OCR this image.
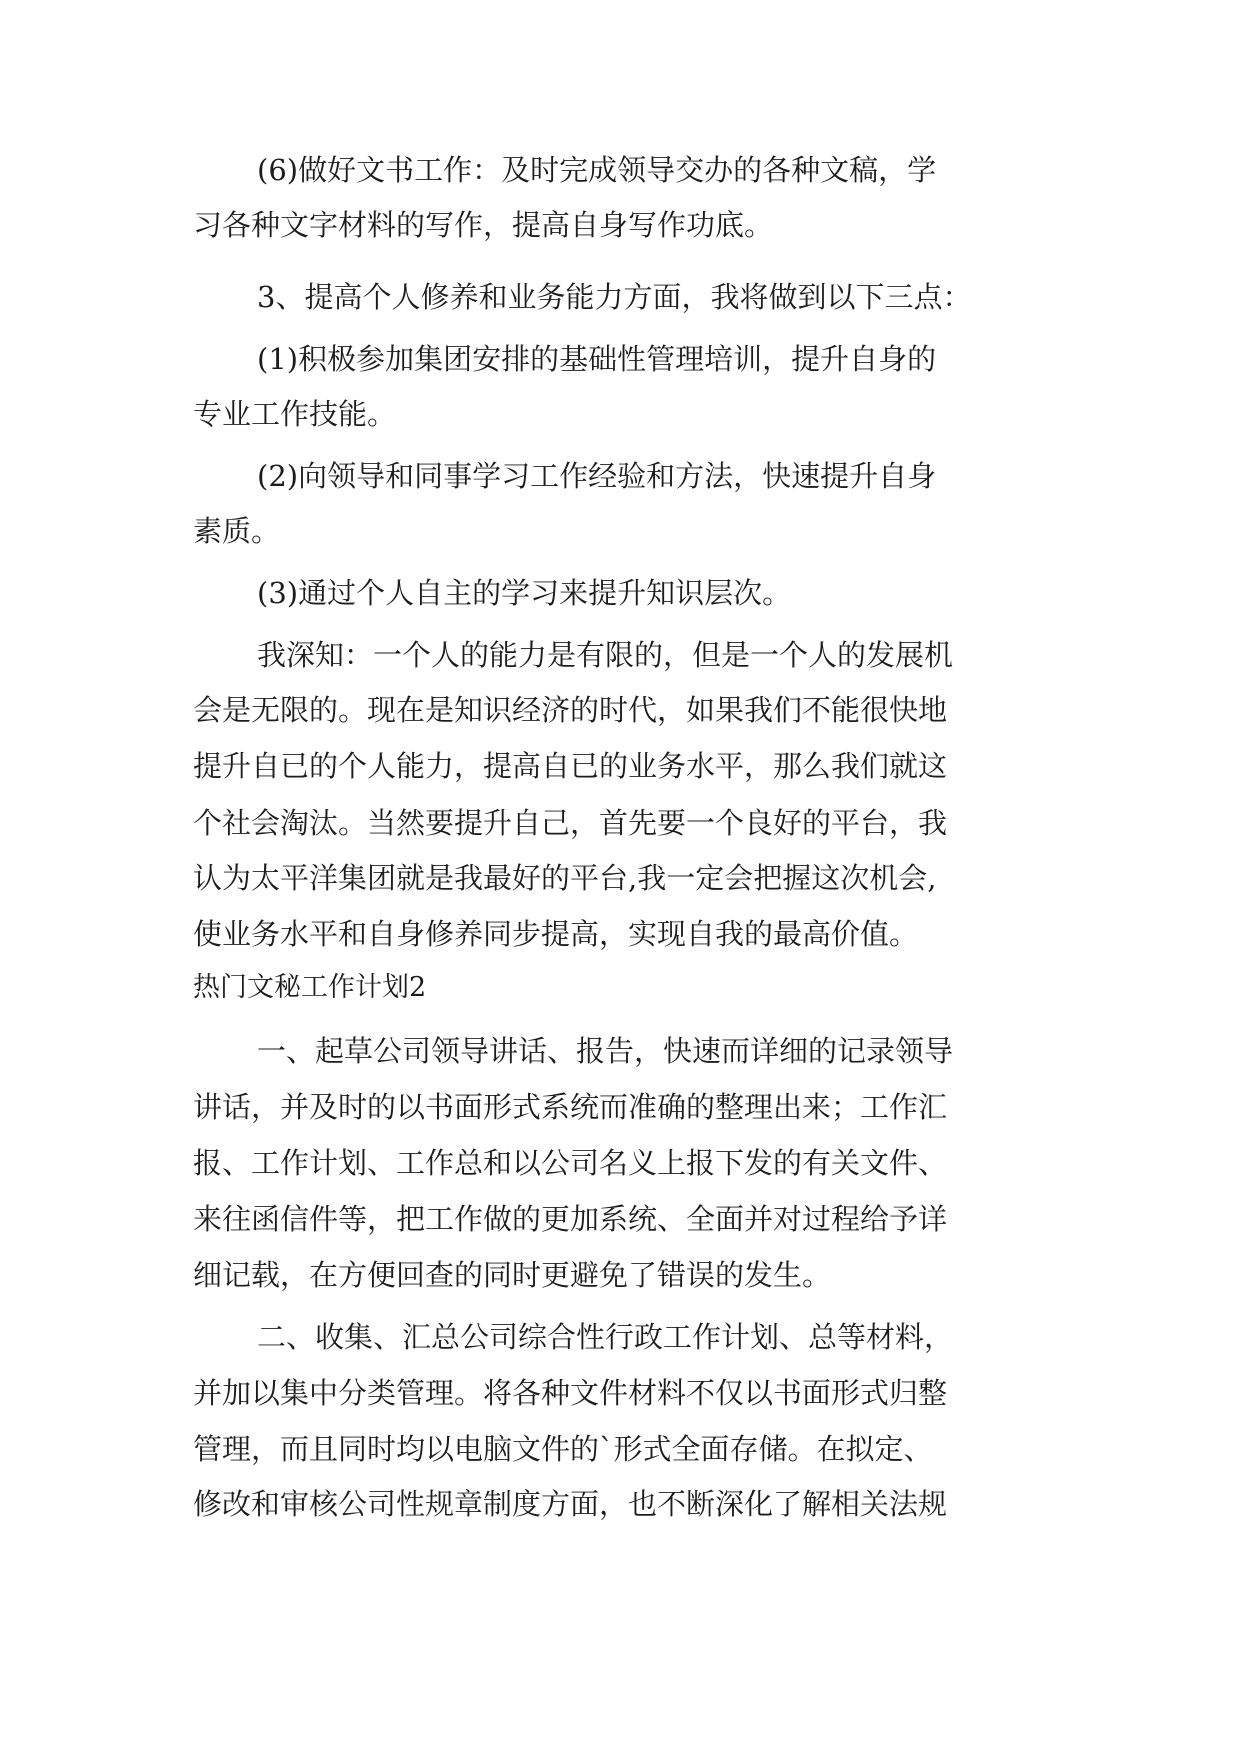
(6)做好文书工作：及时完成领导交办的各种文稿，学
习各种文字材料的写作，提高自身写作功底。
3、提高个人修养和业务能力方面，我将做到以下三点：
(1)积极参加集团安排的基础性管理培训，提升自身的
专业工作技能。
(2)向领导和同事学习工作经验和方法，快速提升自身
素质。
(3)通过个人自主的学习来提升知识层次。
我深知：一个人的能力是有限的，但是一个人的发展机
会是无限的。现在是知识经济的时代，如果我们不能很快地
提升自已的个人能力，提高自已的业务水平，那么我们就这
个社会淘汰。当然要提升自己，首先要一个良好的平台，我
认为太平洋集团就是我最好的平台,我一定会把握这次机会,
使业务水平和自身修养同步提高，实现自我的最高价值。
热门文秘工作计划2
一、起草公司领导讲话、报告，快速而详细的记录领导
讲话，并及时的以书面形式系统而准确的整理出来；工作汇
报、工作计划、工作总和以公司名义上报下发的有关文件、
来往函信件等，把工作做的更加系统、全面并对过程给予详
细记载，在方便回查的同时更避免了错误的发生。
二、收集、汇总公司综合性行政工作计划、总等材料，
并加以集中分类管理。将各种文件材料不仅以书面形式归整
管理，而且同时均以电脑文件的`形式全面存储。在拟定、
修改和审核公司性规章制度方面，也不断深化了解相关法规
